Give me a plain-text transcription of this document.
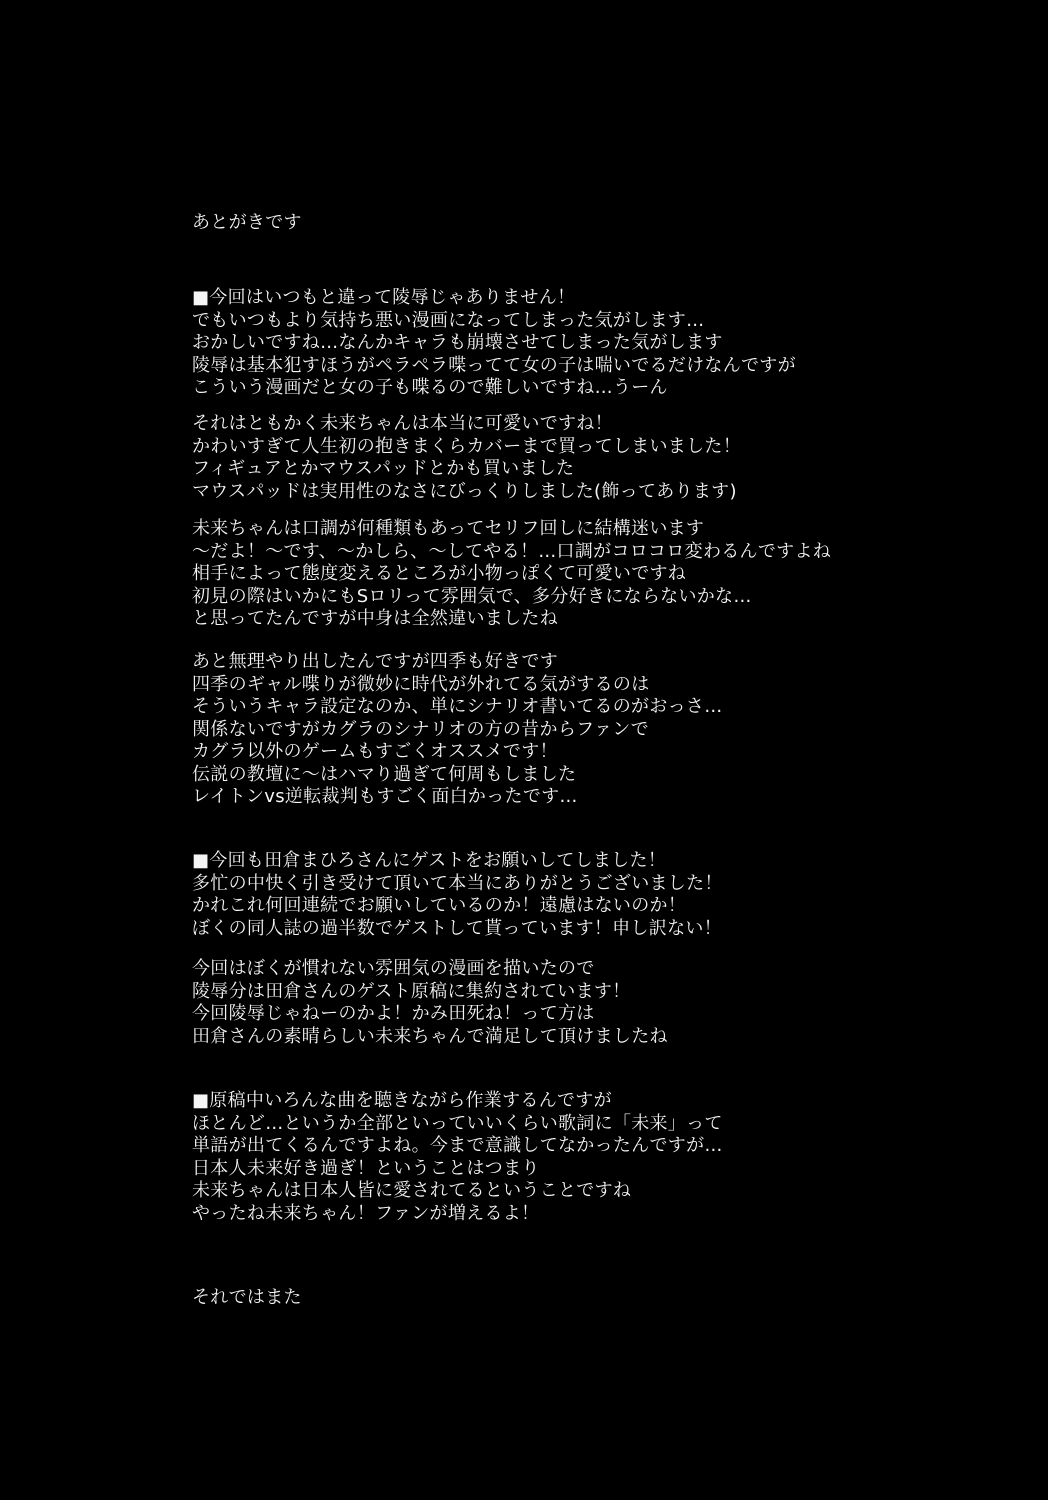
あとがきです
■今回はいつもと違って陵辱じゃありません！
でもいつもより気持ち悪い漫画になってしまった気がします…
おかしいですね…なんかキャラも崩壊させてしまった気がします
陵辱は基本犯すほうがペラペラ喋ってて女の子は喘いでるだけなんですが
こういう漫画だと女の子も喋るので難しいですね…うーん
それはともかく未来ちゃんは本当に可愛いですね！
かわいすぎて人生初の抱きまくらカバーまで買ってしまいました！
フィギュアとかマウスパッドとかも買いました
マウスパッドは実用性のなさにびっくりしました(飾ってあります)
未来ちゃんは口調が何種類もあってセリフ回しに結構迷います
～だよ！～です、～かしら、～してやる！…口調がコロコロ変わるんですよね
相手によって態度変えるところが小物っぽくて可愛いですね
初見の際はいかにもSロリって雰囲気で、多分好きにならないかな…
と思ってたんですが中身は全然違いましたね
あと無理やり出したんですが四季も好きです
四季のギャル喋りが微妙に時代が外れてる気がするのは
そういうキャラ設定なのか、単にシナリオ書いてるのがおっさ…
関係ないですがカグラのシナリオの方の昔からファンで
カグラ以外のゲームもすごくオススメです！
伝説の教壇に～はハマり過ぎて何周もしました
レイトンvs逆転裁判もすごく面白かったです…
■今回も田倉まひろさんにゲストをお願いしてしました！
多忙の中快く引き受けて頂いて本当にありがとうございました！
かれこれ何回連続でお願いしているのか！遠慮はないのか！
ぼくの同人誌の過半数でゲストして貰っています！申し訳ない！
今回はぼくが慣れない雰囲気の漫画を描いたので
陵辱分は田倉さんのゲスト原稿に集約されています！
今回陵辱じゃねーのかよ！かみ田死ね！って方は
田倉さんの素晴らしい未来ちゃんで満足して頂けましたね
■原稿中いろんな曲を聴きながら作業するんですが
ほとんど…というか全部といっていいくらい歌詞に「未来」って
単語が出てくるんですよね。今まで意識してなかったんですが…
日本人未来好き過ぎ！ということはつまり
未来ちゃんは日本人皆に愛されてるということですね
やったね未来ちゃん！ファンが増えるよ！
それではまた
